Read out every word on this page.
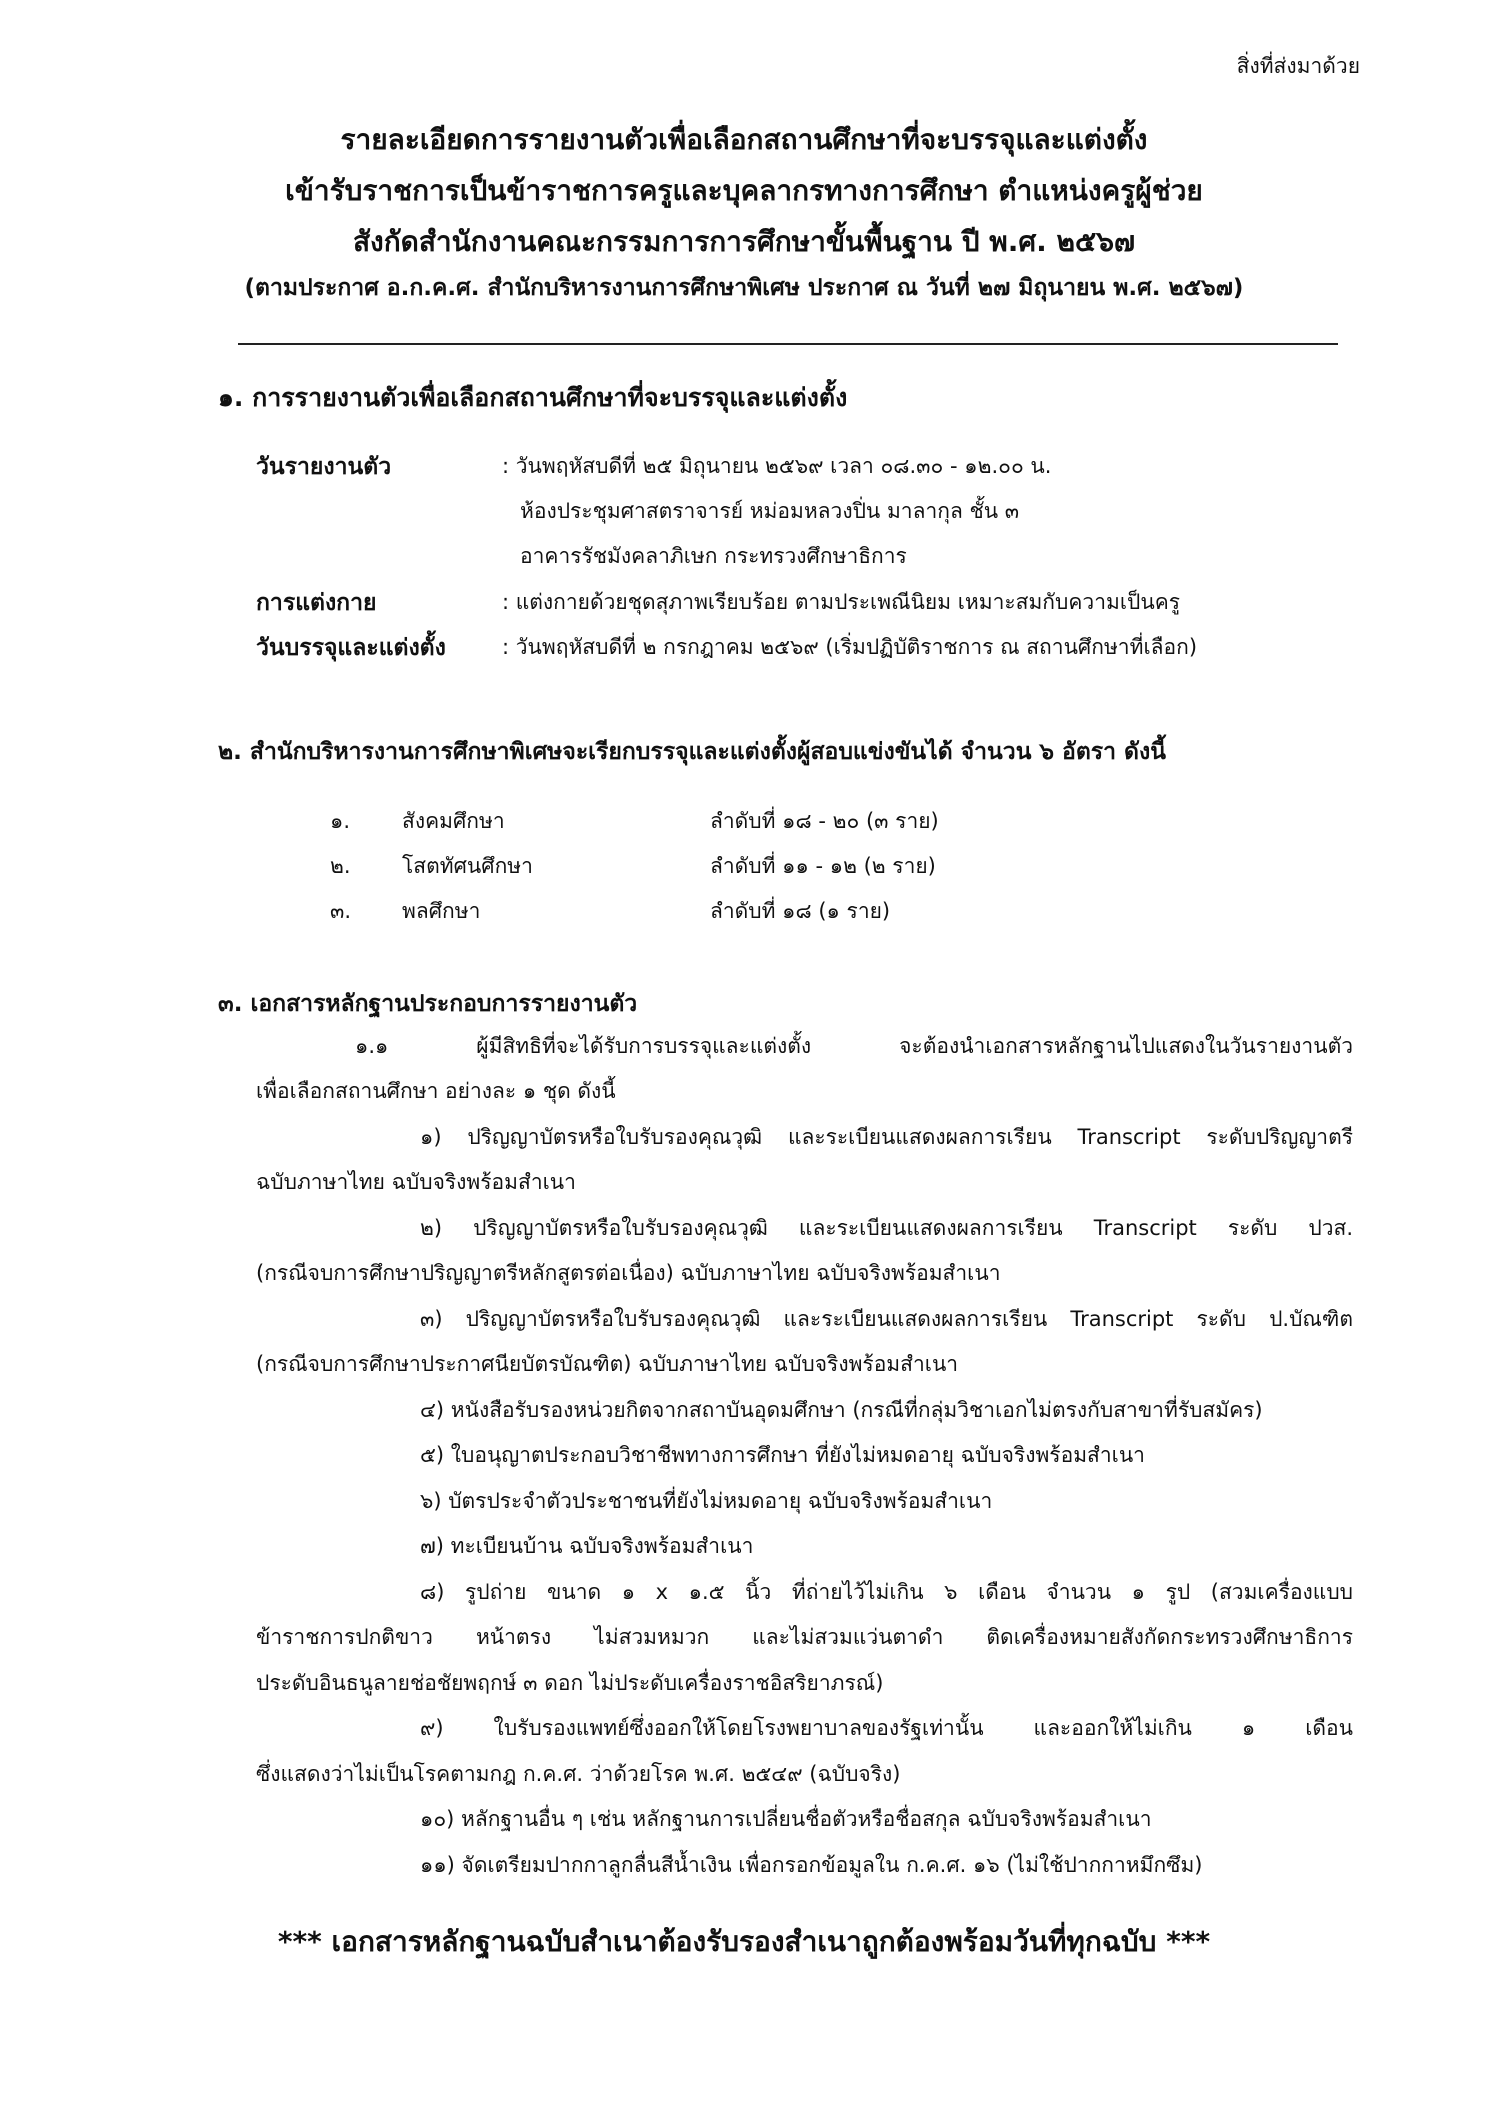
สิ่งที่ส่งมาด้วย
รายละเอียดการรายงานตัวเพื่อเลือกสถานศึกษาที่จะบรรจุและแต่งตั้ง
เข้ารับราชการเป็นข้าราชการครูและบุคลากรทางการศึกษา ตำแหน่งครูผู้ช่วย
สังกัดสำนักงานคณะกรรมการการศึกษาขั้นพื้นฐาน ปี พ.ศ. ๒๕๖๗
(ตามประกาศ อ.ก.ค.ศ. สำนักบริหารงานการศึกษาพิเศษ ประกาศ ณ วันที่ ๒๗ มิถุนายน พ.ศ. ๒๕๖๗)
๑. การรายงานตัวเพื่อเลือกสถานศึกษาที่จะบรรจุและแต่งตั้ง
วันรายงานตัว	: วันพฤหัสบดีที่ ๒๕ มิถุนายน ๒๕๖๙ เวลา ๐๘.๓๐ - ๑๒.๐๐ น.
ห้องประชุมศาสตราจารย์ หม่อมหลวงปิ่น มาลากุล ชั้น ๓
อาคารรัชมังคลาภิเษก กระทรวงศึกษาธิการ
การแต่งกาย	: แต่งกายด้วยชุดสุภาพเรียบร้อย ตามประเพณีนิยม เหมาะสมกับความเป็นครู
วันบรรจุและแต่งตั้ง	: วันพฤหัสบดีที่ ๒ กรกฎาคม ๒๕๖๙ (เริ่มปฏิบัติราชการ ณ สถานศึกษาที่เลือก)
๒. สำนักบริหารงานการศึกษาพิเศษจะเรียกบรรจุและแต่งตั้งผู้สอบแข่งขันได้ จำนวน ๖ อัตรา ดังนี้
๑. สังคมศึกษา	ลำดับที่ ๑๘ - ๒๐ (๓ ราย)
๒. โสตทัศนศึกษา	ลำดับที่ ๑๑ - ๑๒ (๒ ราย)
๓. พลศึกษา	ลำดับที่ ๑๘ (๑ ราย)
๓. เอกสารหลักฐานประกอบการรายงานตัว
๑.๑ ผู้มีสิทธิที่จะได้รับการบรรจุและแต่งตั้ง จะต้องนำเอกสารหลักฐานไปแสดงในวันรายงานตัว
เพื่อเลือกสถานศึกษา อย่างละ ๑ ชุด ดังนี้
๑) ปริญญาบัตรหรือใบรับรองคุณวุฒิ และระเบียนแสดงผลการเรียน Transcript ระดับปริญญาตรี
ฉบับภาษาไทย ฉบับจริงพร้อมสำเนา
๒) ปริญญาบัตรหรือใบรับรองคุณวุฒิ และระเบียนแสดงผลการเรียน Transcript ระดับ ปวส.
(กรณีจบการศึกษาปริญญาตรีหลักสูตรต่อเนื่อง) ฉบับภาษาไทย ฉบับจริงพร้อมสำเนา
๓) ปริญญาบัตรหรือใบรับรองคุณวุฒิ และระเบียนแสดงผลการเรียน Transcript ระดับ ป.บัณฑิต
(กรณีจบการศึกษาประกาศนียบัตรบัณฑิต) ฉบับภาษาไทย ฉบับจริงพร้อมสำเนา
๔) หนังสือรับรองหน่วยกิตจากสถาบันอุดมศึกษา (กรณีที่กลุ่มวิชาเอกไม่ตรงกับสาขาที่รับสมัคร)
๕) ใบอนุญาตประกอบวิชาชีพทางการศึกษา ที่ยังไม่หมดอายุ ฉบับจริงพร้อมสำเนา
๖) บัตรประจำตัวประชาชนที่ยังไม่หมดอายุ ฉบับจริงพร้อมสำเนา
๗) ทะเบียนบ้าน ฉบับจริงพร้อมสำเนา
๘) รูปถ่าย ขนาด ๑ x ๑.๕ นิ้ว ที่ถ่ายไว้ไม่เกิน ๖ เดือน จำนวน ๑ รูป (สวมเครื่องแบบ
ข้าราชการปกติขาว หน้าตรง ไม่สวมหมวก และไม่สวมแว่นตาดำ ติดเครื่องหมายสังกัดกระทรวงศึกษาธิการ
ประดับอินธนูลายช่อชัยพฤกษ์ ๓ ดอก ไม่ประดับเครื่องราชอิสริยาภรณ์)
๙) ใบรับรองแพทย์ซึ่งออกให้โดยโรงพยาบาลของรัฐเท่านั้น และออกให้ไม่เกิน ๑ เดือน
ซึ่งแสดงว่าไม่เป็นโรคตามกฎ ก.ค.ศ. ว่าด้วยโรค พ.ศ. ๒๕๔๙ (ฉบับจริง)
๑๐) หลักฐานอื่น ๆ เช่น หลักฐานการเปลี่ยนชื่อตัวหรือชื่อสกุล ฉบับจริงพร้อมสำเนา
๑๑) จัดเตรียมปากกาลูกลื่นสีน้ำเงิน เพื่อกรอกข้อมูลใน ก.ค.ศ. ๑๖ (ไม่ใช้ปากกาหมึกซึม)
*** เอกสารหลักฐานฉบับสำเนาต้องรับรองสำเนาถูกต้องพร้อมวันที่ทุกฉบับ ***
